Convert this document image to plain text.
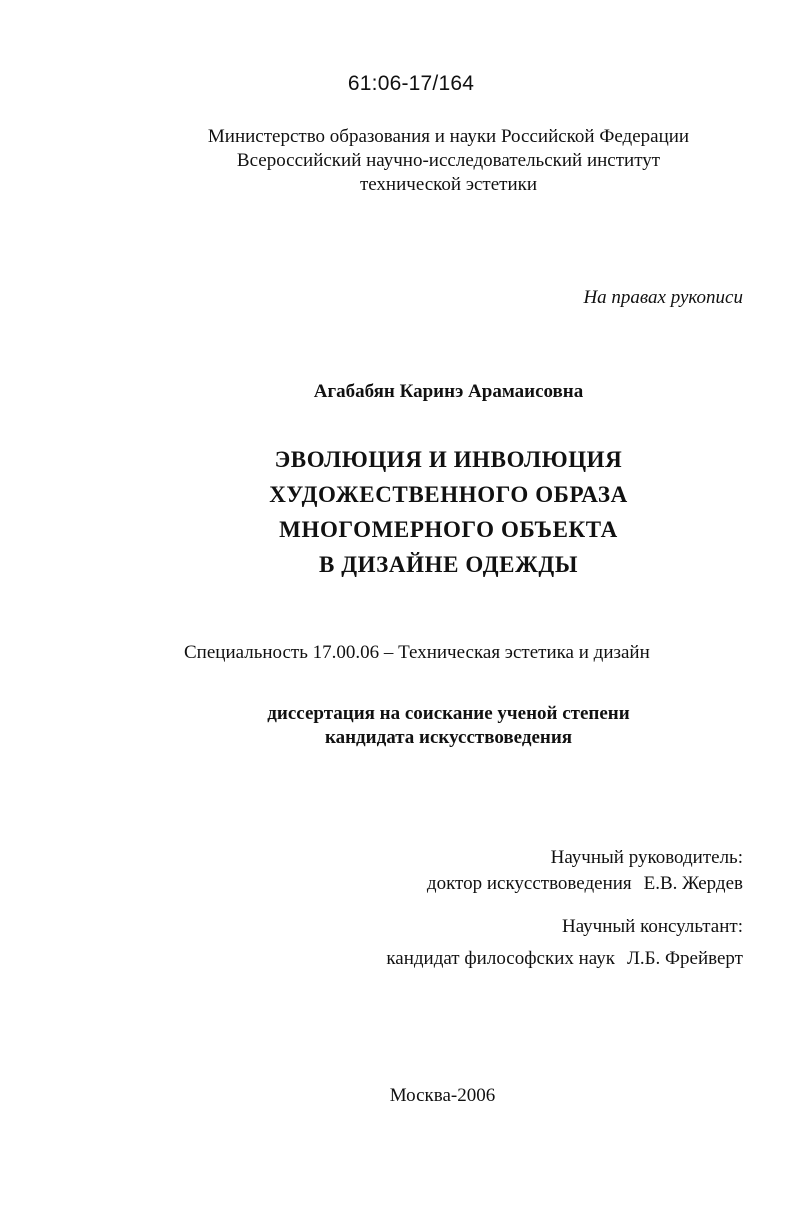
61:06-17/164
Министерство образования и науки Российской Федерации
Всероссийский научно-исследовательский институт
технической эстетики
На правах рукописи
Агабабян Каринэ Арамаисовна
ЭВОЛЮЦИЯ И ИНВОЛЮЦИЯ
ХУДОЖЕСТВЕННОГО ОБРАЗА
МНОГОМЕРНОГО ОБЪЕКТА
В ДИЗАЙНЕ ОДЕЖДЫ
Специальность 17.00.06 – Техническая эстетика и дизайн
диссертация на соискание ученой степени
кандидата искусствоведения
Научный руководитель:
доктор искусствоведения Е.В. Жердев
Научный консультант:
кандидат философских наук Л.Б. Фрейверт
Москва-2006
